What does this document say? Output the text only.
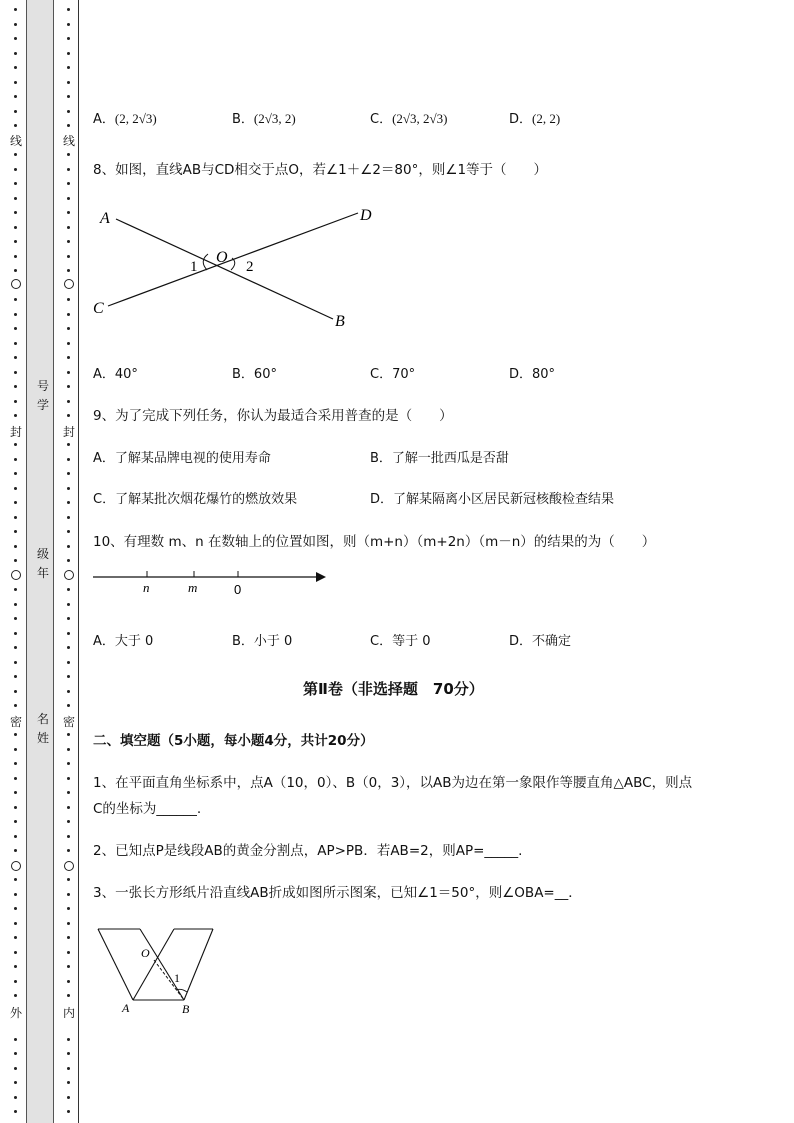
线
封
密
外
线
封
密
内
号
学
级
年
名
姓
A．(2, 2√3)	B．(2√3, 2)	C．(2√3, 2√3)	D．(2, 2)
8、如图，直线AB与CD相交于点O，若∠1＋∠2＝80°，则∠1等于（　　）
A	D
C
B
O
1	2
A．40°	B．60°	C．70°	D．80°
9、为了完成下列任务，你认为最适合采用普查的是（　　）
A．了解某品牌电视的使用寿命	B．了解一批西瓜是否甜
C．了解某批次烟花爆竹的燃放效果	D．了解某隔离小区居民新冠核酸检查结果
10、有理数 m、n 在数轴上的位置如图，则（m+n）（m+2n）（m－n）的结果的为（　　）
n	m	0
A．大于 0	B．小于 0	C．等于 0	D．不确定
第Ⅱ卷（非选择题　70分）
二、填空题（5小题，每小题4分，共计20分）
1、在平面直角坐标系中，点A（10，0）、B（0，3），以AB为边在第一象限作等腰直角△ABC，则点
C的坐标为______.
2、已知点P是线段AB的黄金分割点，AP>PB．若AB=2，则AP=_____.
3、一张长方形纸片沿直线AB折成如图所示图案，已知∠1＝50°，则∠OBA=__．
O
1
A	B
